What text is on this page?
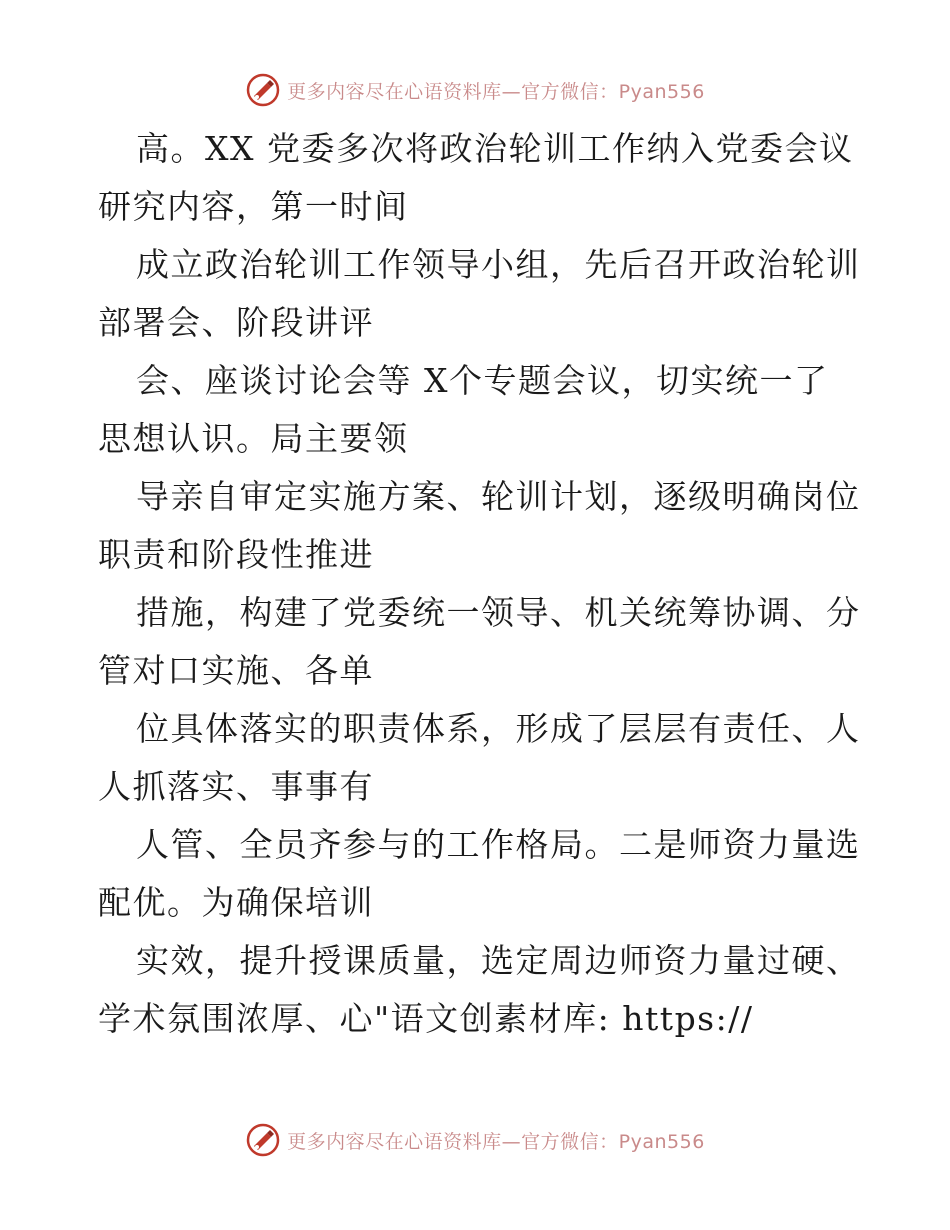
更多内容尽在心语资料库—官方微信：Pyan556
高。XX 党委多次将政治轮训工作纳入党委会议
研究内容，第一时间
成立政治轮训工作领导小组，先后召开政治轮训
部署会、阶段讲评
会、座谈讨论会等 X个专题会议，切实统一了
思想认识。局主要领
导亲自审定实施方案、轮训计划，逐级明确岗位
职责和阶段性推进
措施，构建了党委统一领导、机关统筹协调、分
管对口实施、各单
位具体落实的职责体系，形成了层层有责任、人
人抓落实、事事有
人管、全员齐参与的工作格局。二是师资力量选
配优。为确保培训
实效，提升授课质量，选定周边师资力量过硬、
学术氛围浓厚、心"语文创素材库: https://
更多内容尽在心语资料库—官方微信：Pyan556
